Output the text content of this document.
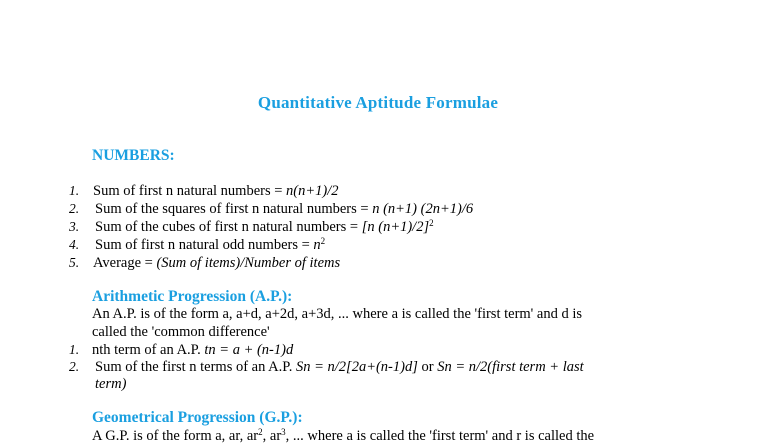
Quantitative Aptitude Formulae
NUMBERS:
1. Sum of first n natural numbers = n(n+1)/2
2. Sum of the squares of first n natural numbers = n (n+1) (2n+1)/6
3. Sum of the cubes of first n natural numbers = [n (n+1)/2]$^2$
4. Sum of first n natural odd numbers = $n^2$
5. Average = (Sum of items)/Number of items
Arithmetic Progression (A.P.):
An A.P. is of the form a, a+d, a+2d, a+3d, ... where a is called the 'first term' and d is
called the 'common difference'
1. nth term of an A.P. tn = a + (n-1)d
2. Sum of the first n terms of an A.P. Sn = n/2[2a+(n-1)d] or Sn = n/2(first term + last
term)
Geometrical Progression (G.P.):
A G.P. is of the form a, ar, $ar^2$, $ar^3$, ... where a is called the 'first term' and r is called the
